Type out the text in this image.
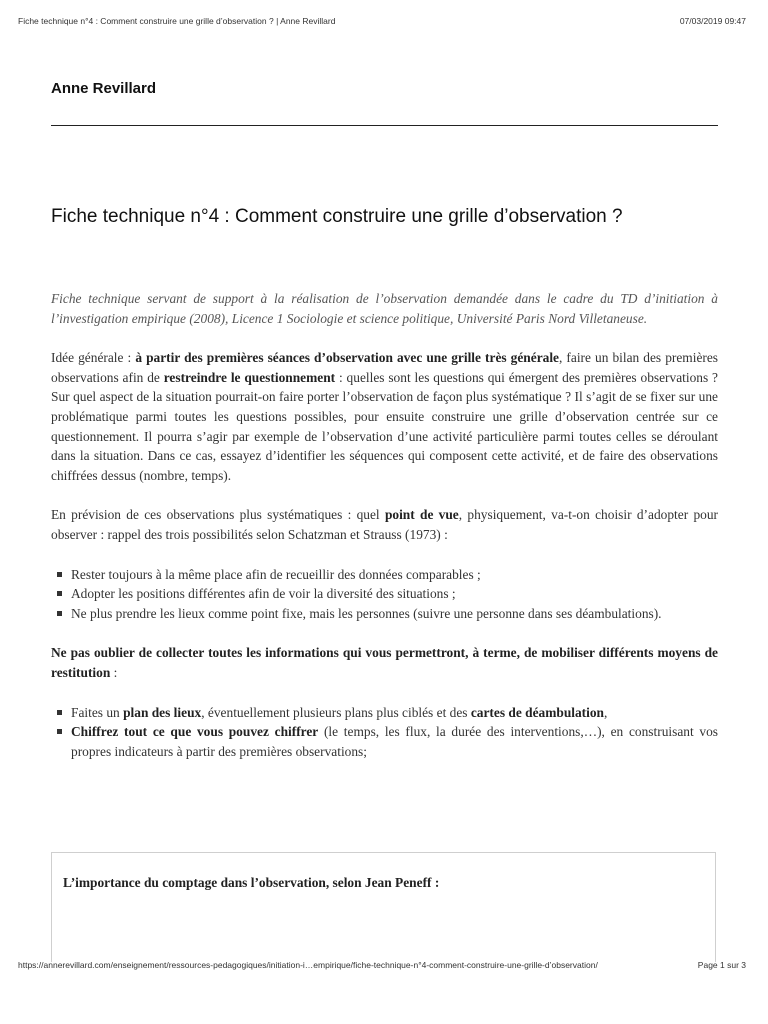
Fiche technique n°4 : Comment construire une grille d’observation ? | Anne Revillard	07/03/2019 09:47
Anne Revillard
Fiche technique n°4 : Comment construire une grille d’observation ?

Fiche technique servant de support à la réalisation de l’observation demandée dans le cadre du TD d’initiation à l’investigation empirique (2008), Licence 1 Sociologie et science politique, Université Paris Nord Villetaneuse.

Idée générale : à partir des premières séances d’observation avec une grille très générale, faire un bilan des premières observations afin de restreindre le questionnement : quelles sont les questions qui émergent des premières observations ? Sur quel aspect de la situation pourrait-on faire porter l’observation de façon plus systématique ? Il s’agit de se fixer sur une problématique parmi toutes les questions possibles, pour ensuite construire une grille d’observation centrée sur ce questionnement. Il pourra s’agir par exemple de l’observation d’une activité particulière parmi toutes celles se déroulant dans la situation. Dans ce cas, essayez d’identifier les séquences qui composent cette activité, et de faire des observations chiffrées dessus (nombre, temps).

En prévision de ces observations plus systématiques : quel point de vue, physiquement, va-t-on choisir d’adopter pour observer : rappel des trois possibilités selon Schatzman et Strauss (1973) :

Rester toujours à la même place afin de recueillir des données comparables ;
Adopter les positions différentes afin de voir la diversité des situations ;
Ne plus prendre les lieux comme point fixe, mais les personnes (suivre une personne dans ses déambulations).

Ne pas oublier de collecter toutes les informations qui vous permettront, à terme, de mobiliser différents moyens de restitution :

Faites un plan des lieux, éventuellement plusieurs plans plus ciblés et des cartes de déambulation,
Chiffrez tout ce que vous pouvez chiffrer (le temps, les flux, la durée des interventions,…), en construisant vos propres indicateurs à partir des premières observations;
L’importance du comptage dans l’observation, selon Jean Peneff :
https://annerevillard.com/enseignement/ressources-pedagogiques/initiation-i…empirique/fiche-technique-n°4-comment-construire-une-grille-d’observation/	Page 1 sur 3
